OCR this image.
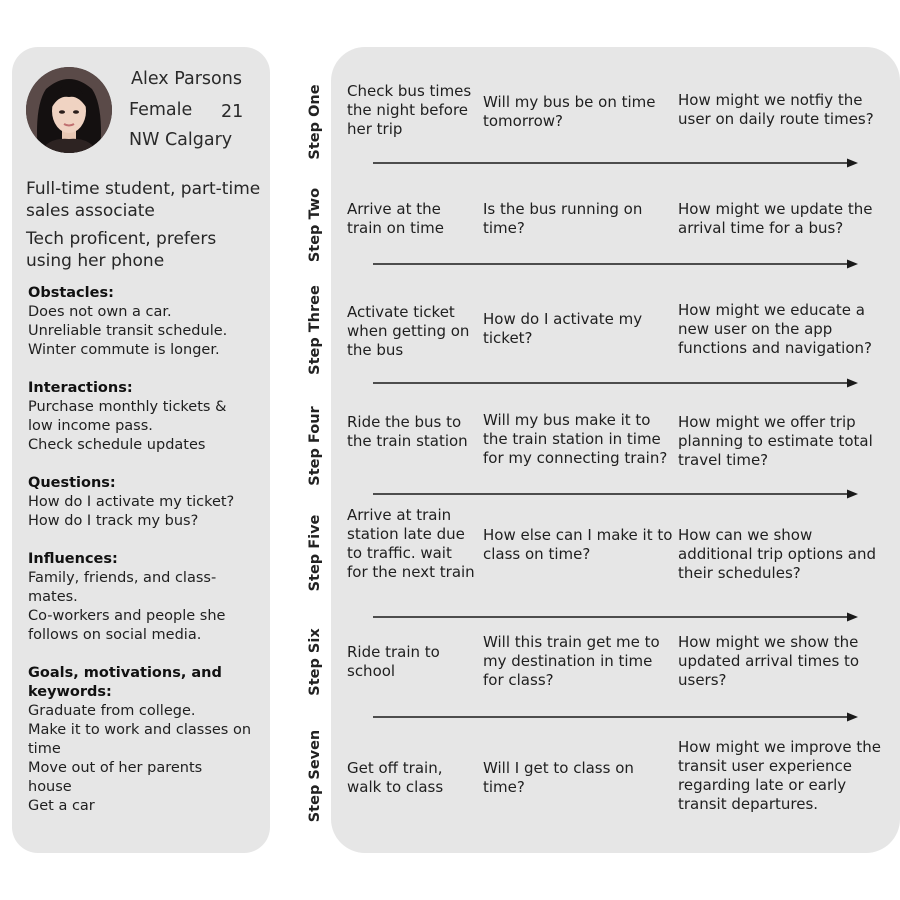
Alex Parsons
Female 21
NW Calgary
Full-time student, part-time sales associate
Tech proficent, prefers using her phone
Obstacles:
Does not own a car.
Unreliable transit schedule.
Winter commute is longer.
Interactions:
Purchase monthly tickets &
low income pass.
Check schedule updates
Questions:
How do I activate my ticket?
How do I track my bus?
Influences:
Family, friends, and class-
mates.
Co-workers and people she
follows on social media.
Goals, motivations, and
keywords:
Graduate from college.
Make it to work and classes on
time
Move out of her parents
house
Get a car
Step One Check bus times the night before her trip
Will my bus be on time tomorrow?
How might we notfiy the user on daily route times?
Step Two Arrive at the train on time
Is the bus running on time?
How might we update the arrival time for a bus?
Step Three Activate ticket when getting on the bus
How do I activate my ticket?
How might we educate a new user on the app functions and navigation?
Step Four Ride the bus to the train station
Will my bus make it to the train station in time for my connecting train?
How might we offer trip planning to estimate total travel time?
Step Five Arrive at train station late due to traffic. wait for the next train
How else can I make it to class on time?
How can we show additional trip options and their schedules?
Step Six Ride train to school
Will this train get me to my destination in time for class?
How might we show the updated arrival times to users?
Step Seven Get off train, walk to class
Will I get to class on time?
How might we improve the transit user experience regarding late or early transit departures.
